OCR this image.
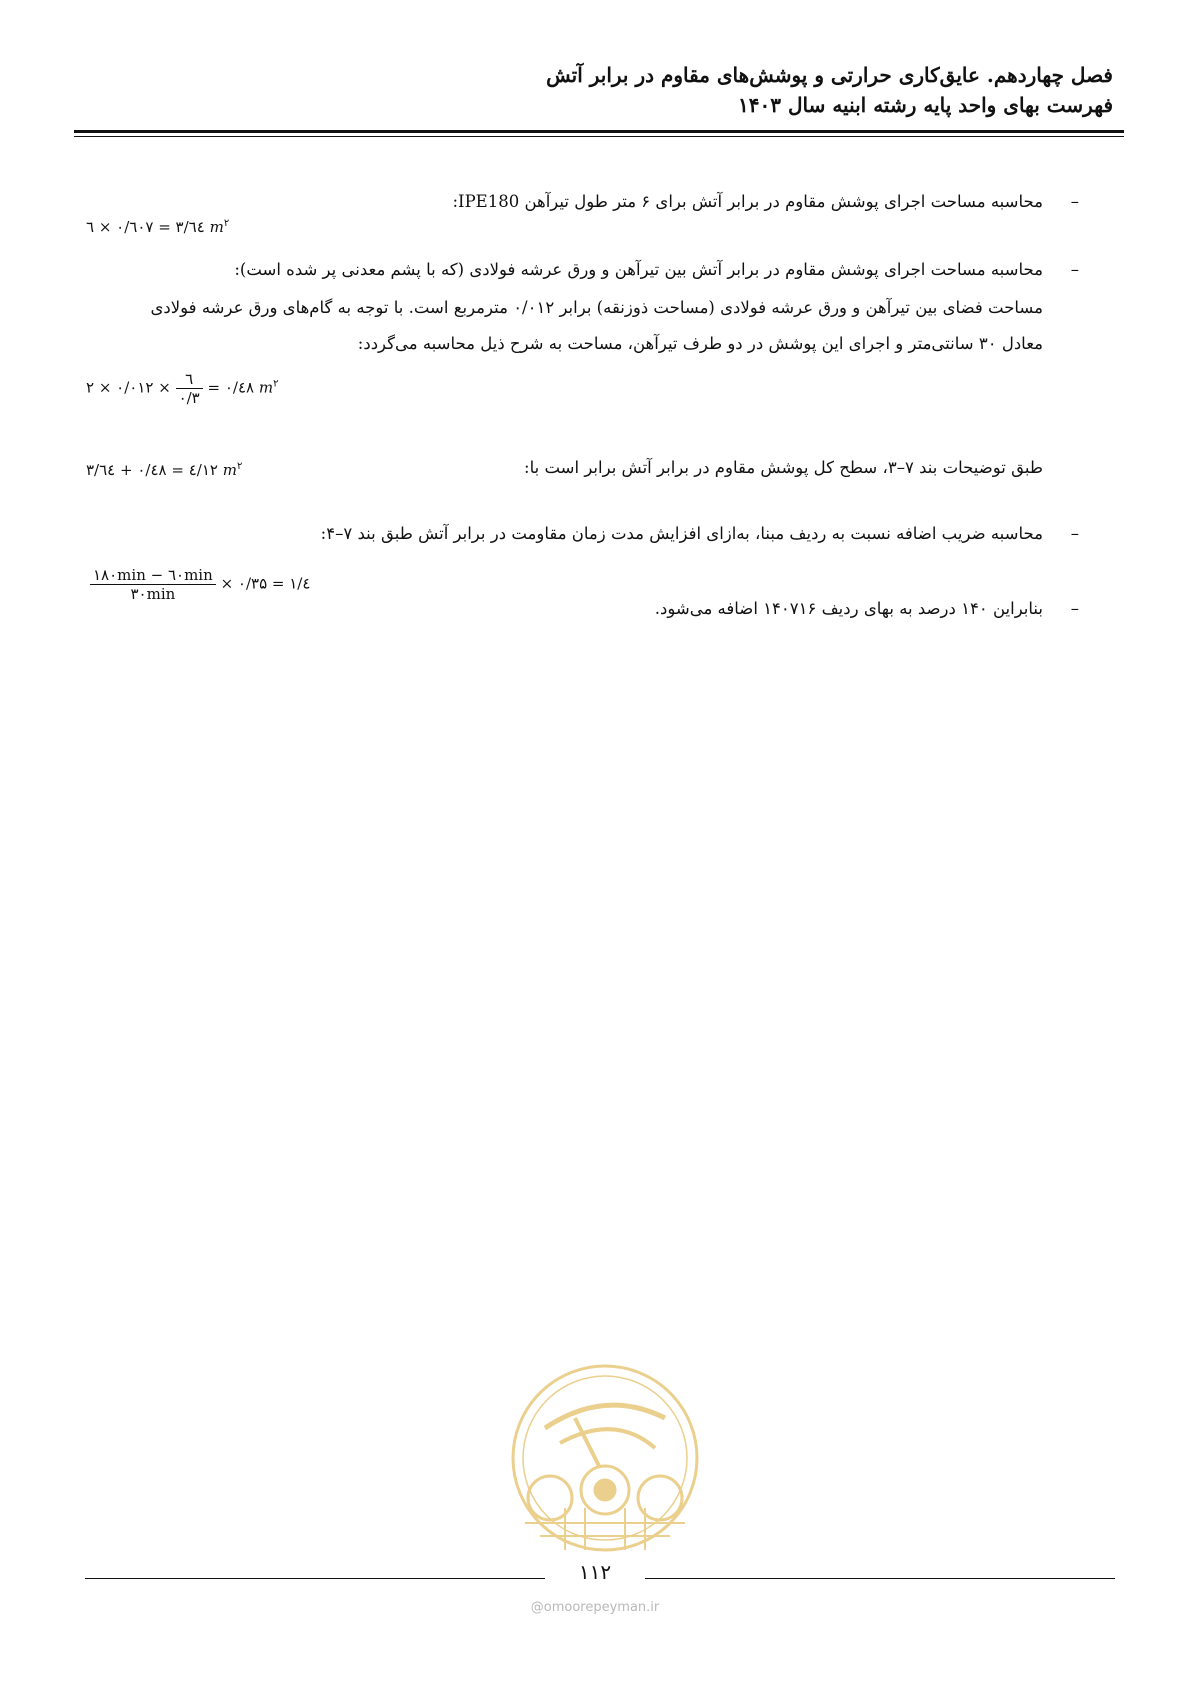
فصل چهاردهم. عایق‌کاری حرارتی و پوشش‌های مقاوم در برابر آتش
فهرست بهای واحد پایه رشته ابنیه سال ۱۴۰۳
–
محاسبه مساحت اجرای پوشش مقاوم در برابر آتش برای ۶ متر طول تیرآهن IPE180:
٦ × ۰/٦۰۷ = ۳/٦٤ $m^۲$
–
محاسبه مساحت اجرای پوشش مقاوم در برابر آتش بین تیرآهن و ورق عرشه فولادی (که با پشم معدنی پر شده است):
مساحت فضای بین تیرآهن و ورق عرشه فولادی (مساحت ذوزنقه) برابر ۰/۰۱۲ مترمربع است. با توجه به گام‌های ورق عرشه فولادی
معادل ۳۰ سانتی‌متر و اجرای این پوشش در دو طرف تیرآهن، مساحت به شرح ذیل محاسبه می‌گردد:
۲ × ۰/۰۱۲ × $\frac{٦}{۰/۳}$ = ۰/٤۸ $m^۲$
طبق توضیحات بند ۷–۳، سطح کل پوشش مقاوم در برابر آتش برابر است با:
۳/٦٤ + ۰/٤۸ = ٤/۱۲ $m^۲$
–
محاسبه ضریب اضافه نسبت به ردیف مبنا، به‌ازای افزایش مدت زمان مقاومت در برابر آتش طبق بند ۷–۴:
$\frac{۱۸۰\min - ٦۰\min}{۳۰\min}$ × ۰/۳۵ = ۱/٤
–
بنابراین ۱۴۰ درصد به بهای ردیف ۱۴۰۷۱۶ اضافه می‌شود.
۱۱۲
@omoorepeyman.ir
